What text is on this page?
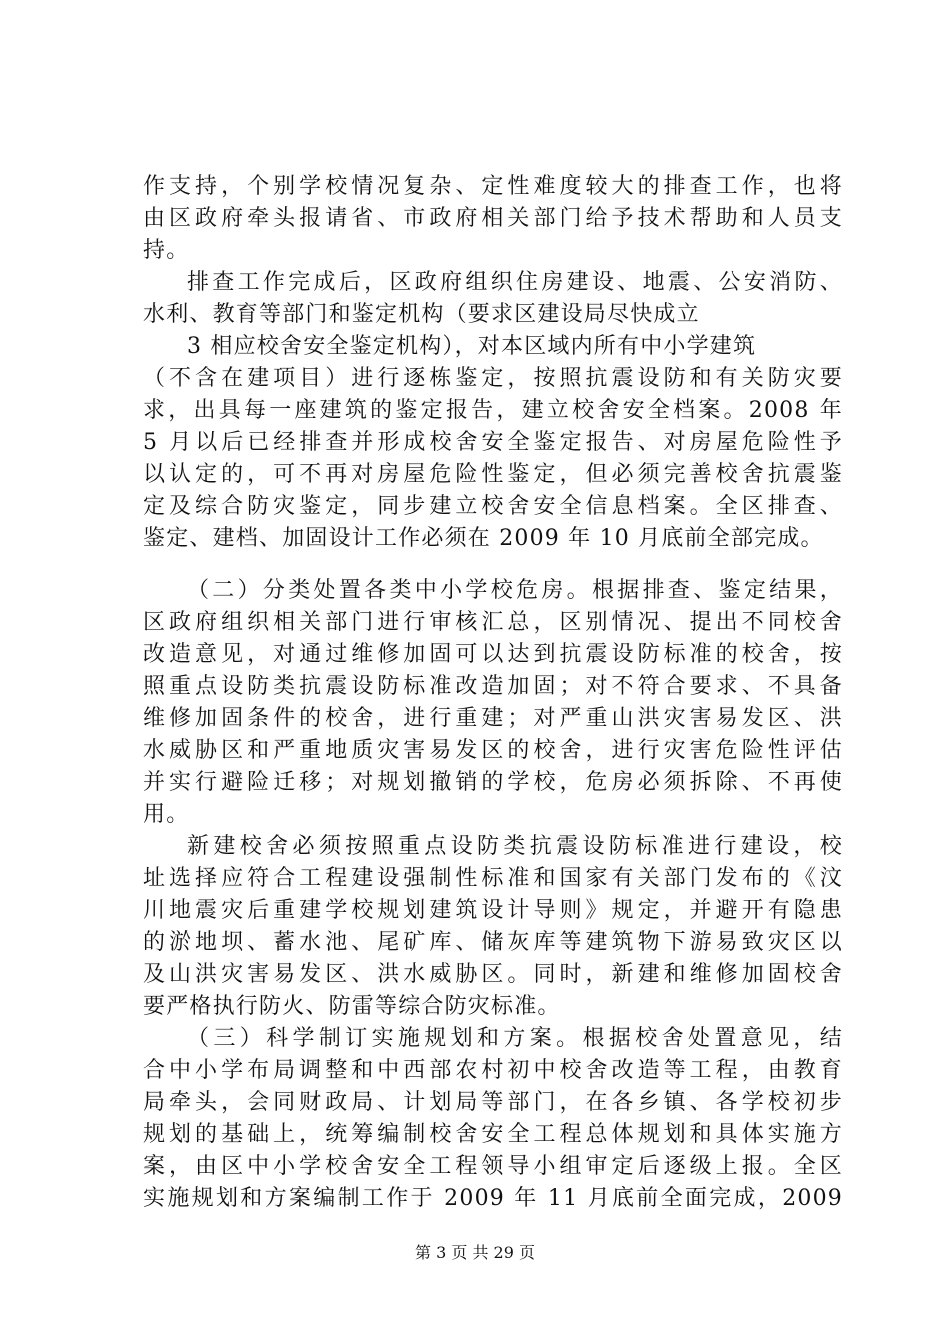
作支持，个别学校情况复杂、定性难度较大的排查工作，也将
由区政府牵头报请省、市政府相关部门给予技术帮助和人员支
持。
排查工作完成后，区政府组织住房建设、地震、公安消防、
水利、教育等部门和鉴定机构（要求区建设局尽快成立
3 相应校舍安全鉴定机构），对本区域内所有中小学建筑
（不含在建项目）进行逐栋鉴定，按照抗震设防和有关防灾要
求，出具每一座建筑的鉴定报告，建立校舍安全档案。2008 年
5 月以后已经排查并形成校舍安全鉴定报告、对房屋危险性予
以认定的，可不再对房屋危险性鉴定，但必须完善校舍抗震鉴
定及综合防灾鉴定，同步建立校舍安全信息档案。全区排查、
鉴定、建档、加固设计工作必须在 2009 年 10 月底前全部完成。
（二）分类处置各类中小学校危房。根据排查、鉴定结果，
区政府组织相关部门进行审核汇总，区别情况、提出不同校舍
改造意见，对通过维修加固可以达到抗震设防标准的校舍，按
照重点设防类抗震设防标准改造加固；对不符合要求、不具备
维修加固条件的校舍，进行重建；对严重山洪灾害易发区、洪
水威胁区和严重地质灾害易发区的校舍，进行灾害危险性评估
并实行避险迁移；对规划撤销的学校，危房必须拆除、不再使
用。
新建校舍必须按照重点设防类抗震设防标准进行建设，校
址选择应符合工程建设强制性标准和国家有关部门发布的《汶
川地震灾后重建学校规划建筑设计导则》规定，并避开有隐患
的淤地坝、蓄水池、尾矿库、储灰库等建筑物下游易致灾区以
及山洪灾害易发区、洪水威胁区。同时，新建和维修加固校舍
要严格执行防火、防雷等综合防灾标准。
（三）科学制订实施规划和方案。根据校舍处置意见，结
合中小学布局调整和中西部农村初中校舍改造等工程，由教育
局牵头，会同财政局、计划局等部门，在各乡镇、各学校初步
规划的基础上，统筹编制校舍安全工程总体规划和具体实施方
案，由区中小学校舍安全工程领导小组审定后逐级上报。全区
实施规划和方案编制工作于 2009 年 11 月底前全面完成，2009
第 3 页 共 29 页
